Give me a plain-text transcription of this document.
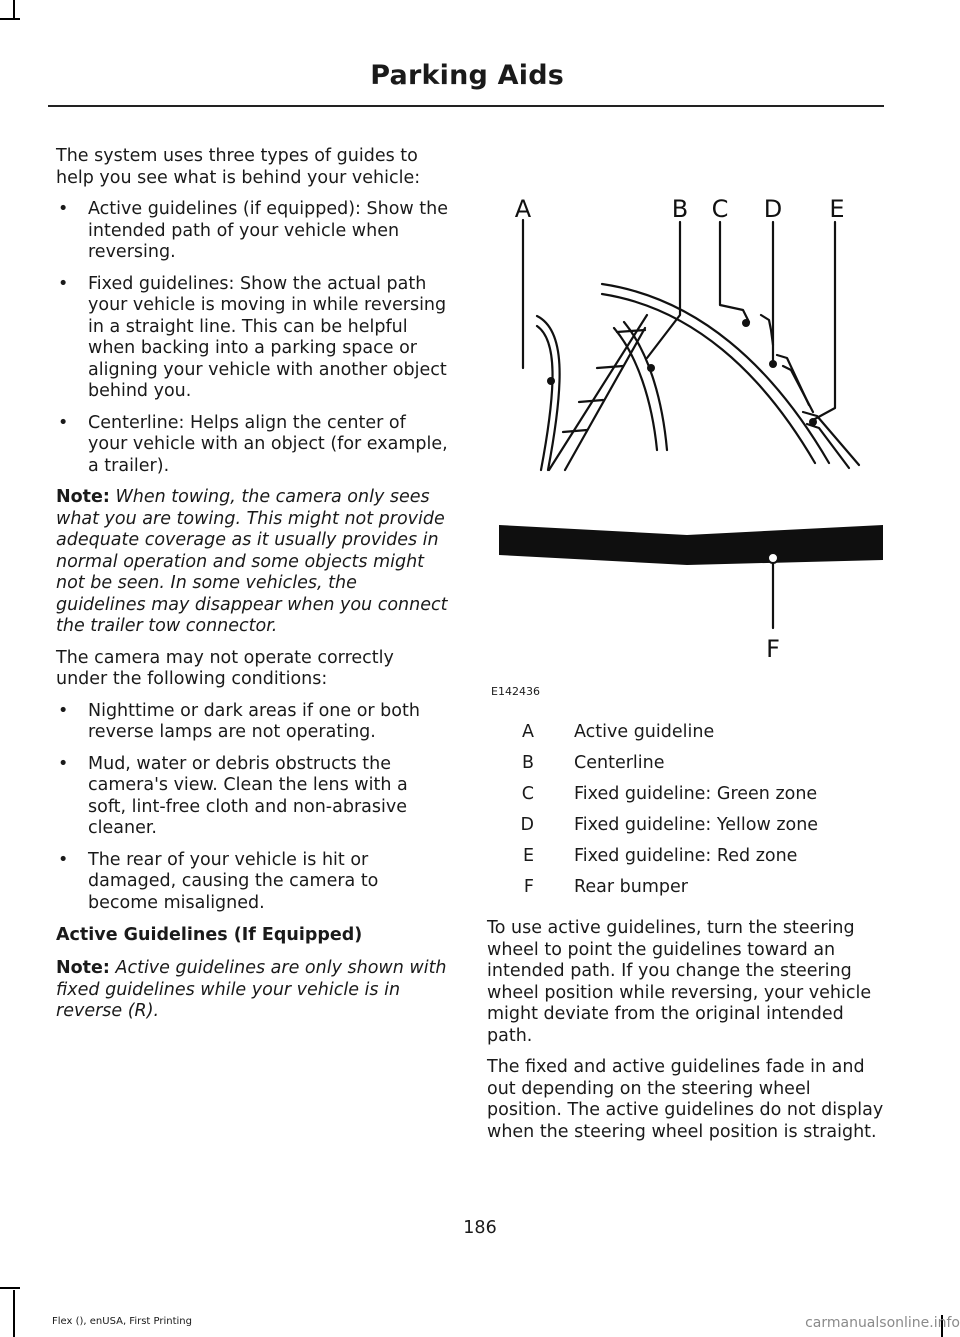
Parking Aids

The system uses three types of guides to help you see what is behind your vehicle:

• Active guidelines (if equipped): Show the intended path of your vehicle when reversing.
• Fixed guidelines: Show the actual path your vehicle is moving in while reversing in a straight line. This can be helpful when backing into a parking space or aligning your vehicle with another object behind you.
• Centerline: Helps align the center of your vehicle with an object (for example, a trailer).

Note: When towing, the camera only sees what you are towing. This might not provide adequate coverage as it usually provides in normal operation and some objects might not be seen. In some vehicles, the guidelines may disappear when you connect the trailer tow connector.

The camera may not operate correctly under the following conditions:

• Nighttime or dark areas if one or both reverse lamps are not operating.
• Mud, water or debris obstructs the camera's view. Clean the lens with a soft, lint-free cloth and non-abrasive cleaner.
• The rear of your vehicle is hit or damaged, causing the camera to become misaligned.
Active Guidelines (If Equipped)

Note: Active guidelines are only shown with fixed guidelines while your vehicle is in reverse (R).

A	B C D E
F
E142436
A Active guideline
B Centerline
C Fixed guideline: Green zone
D Fixed guideline: Yellow zone
E Fixed guideline: Red zone
F Rear bumper

To use active guidelines, turn the steering wheel to point the guidelines toward an intended path. If you change the steering wheel position while reversing, your vehicle might deviate from the original intended path.

The fixed and active guidelines fade in and out depending on the steering wheel position. The active guidelines do not display when the steering wheel position is straight.

186
Flex (), enUSA, First Printing	carmanualsonline.info
